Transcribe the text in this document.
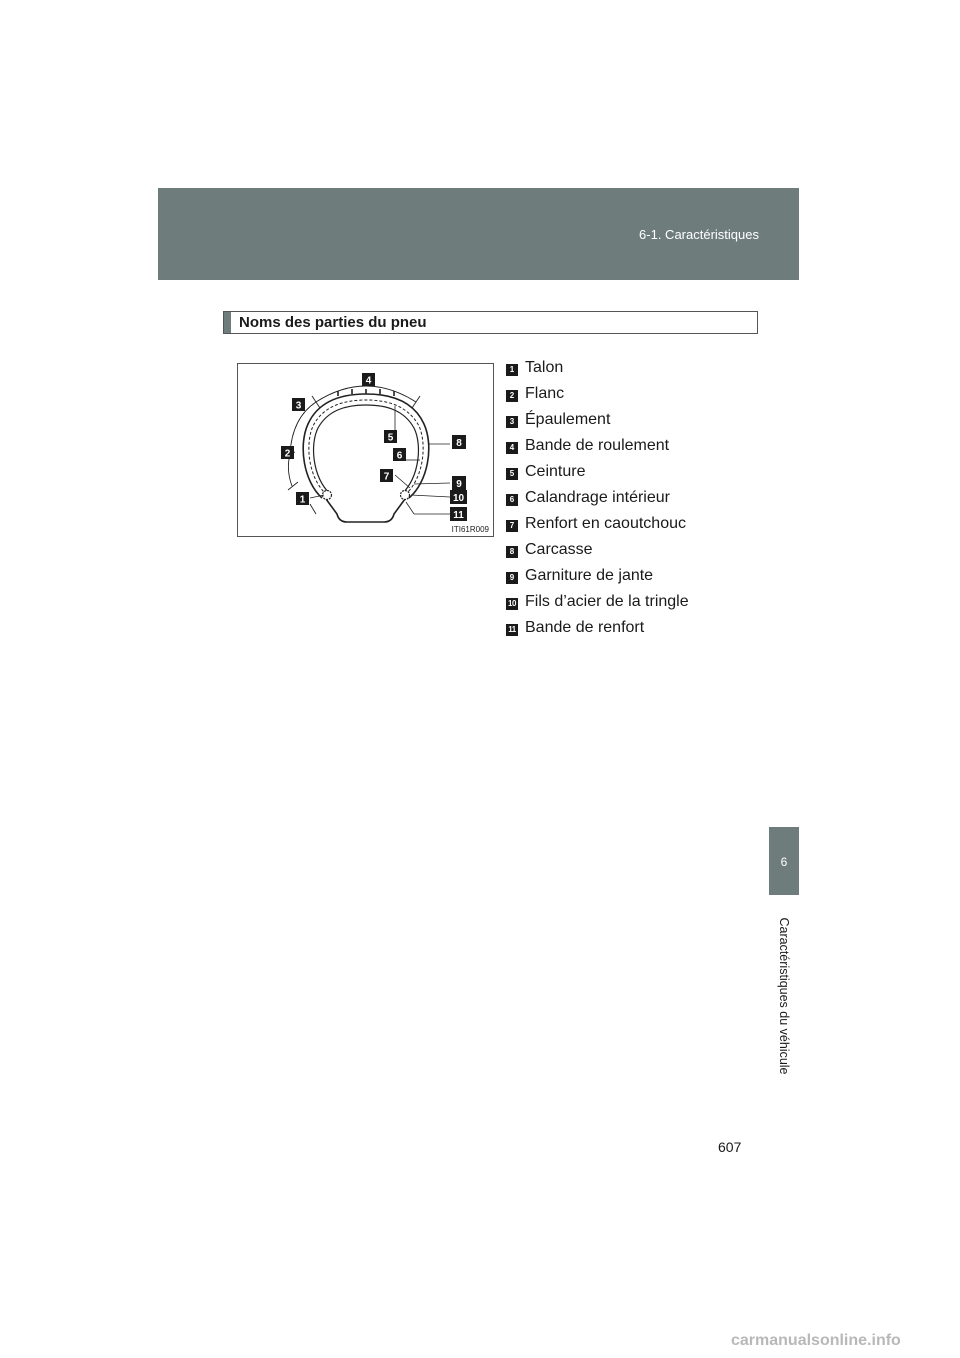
6-1. Caractéristiques
6
Caractéristiques du véhicule
Noms des parties du pneu
1
2
3
4
5
6
7
8
9
10
11
ITI61R009
1 Talon
2 Flanc
3 Épaulement
4 Bande de roulement
5 Ceinture
6 Calandrage intérieur
7 Renfort en caoutchouc
8 Carcasse
9 Garniture de jante
10 Fils d’acier de la tringle
11 Bande de renfort
607
carmanualsonline.info
